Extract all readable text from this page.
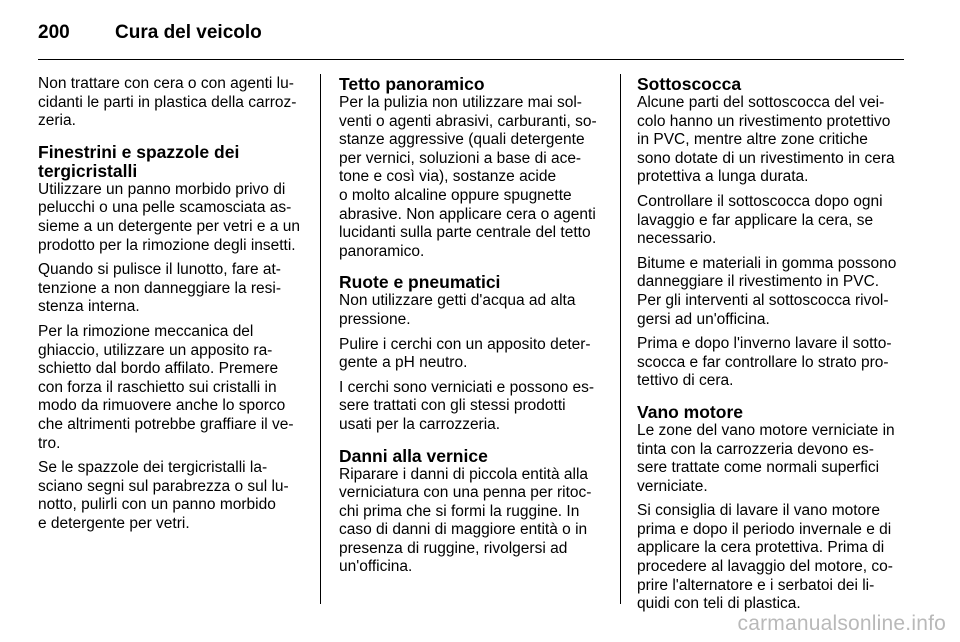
200	Cura del veicolo

Non trattare con cera o con agenti lu-
cidanti le parti in plastica della carroz-
zeria.

Finestrini e spazzole dei
tergicristalli

Utilizzare un panno morbido privo di
pelucchi o una pelle scamosciata as-
sieme a un detergente per vetri e a un
prodotto per la rimozione degli insetti.

Quando si pulisce il lunotto, fare at-
tenzione a non danneggiare la resi-
stenza interna.

Per la rimozione meccanica del
ghiaccio, utilizzare un apposito ra-
schietto dal bordo affilato. Premere
con forza il raschietto sui cristalli in
modo da rimuovere anche lo sporco
che altrimenti potrebbe graffiare il ve-
tro.

Se le spazzole dei tergicristalli la-
sciano segni sul parabrezza o sul lu-
notto, pulirli con un panno morbido
e detergente per vetri.

Tetto panoramico

Per la pulizia non utilizzare mai sol-
venti o agenti abrasivi, carburanti, so-
stanze aggressive (quali detergente
per vernici, soluzioni a base di ace-
tone e così via), sostanze acide
o molto alcaline oppure spugnette
abrasive. Non applicare cera o agenti
lucidanti sulla parte centrale del tetto
panoramico.

Ruote e pneumatici

Non utilizzare getti d'acqua ad alta
pressione.

Pulire i cerchi con un apposito deter-
gente a pH neutro.

I cerchi sono verniciati e possono es-
sere trattati con gli stessi prodotti
usati per la carrozzeria.

Danni alla vernice

Riparare i danni di piccola entità alla
verniciatura con una penna per ritoc-
chi prima che si formi la ruggine. In
caso di danni di maggiore entità o in
presenza di ruggine, rivolgersi ad
un'officina.

Sottoscocca

Alcune parti del sottoscocca del vei-
colo hanno un rivestimento protettivo
in PVC, mentre altre zone critiche
sono dotate di un rivestimento in cera
protettiva a lunga durata.

Controllare il sottoscocca dopo ogni
lavaggio e far applicare la cera, se
necessario.

Bitume e materiali in gomma possono
danneggiare il rivestimento in PVC.
Per gli interventi al sottoscocca rivol-
gersi ad un'officina.

Prima e dopo l'inverno lavare il sotto-
scocca e far controllare lo strato pro-
tettivo di cera.

Vano motore

Le zone del vano motore verniciate in
tinta con la carrozzeria devono es-
sere trattate come normali superfici
verniciate.

Si consiglia di lavare il vano motore
prima e dopo il periodo invernale e di
applicare la cera protettiva. Prima di
procedere al lavaggio del motore, co-
prire l'alternatore e i serbatoi dei li-
quidi con teli di plastica.

carmanualsonline.info
